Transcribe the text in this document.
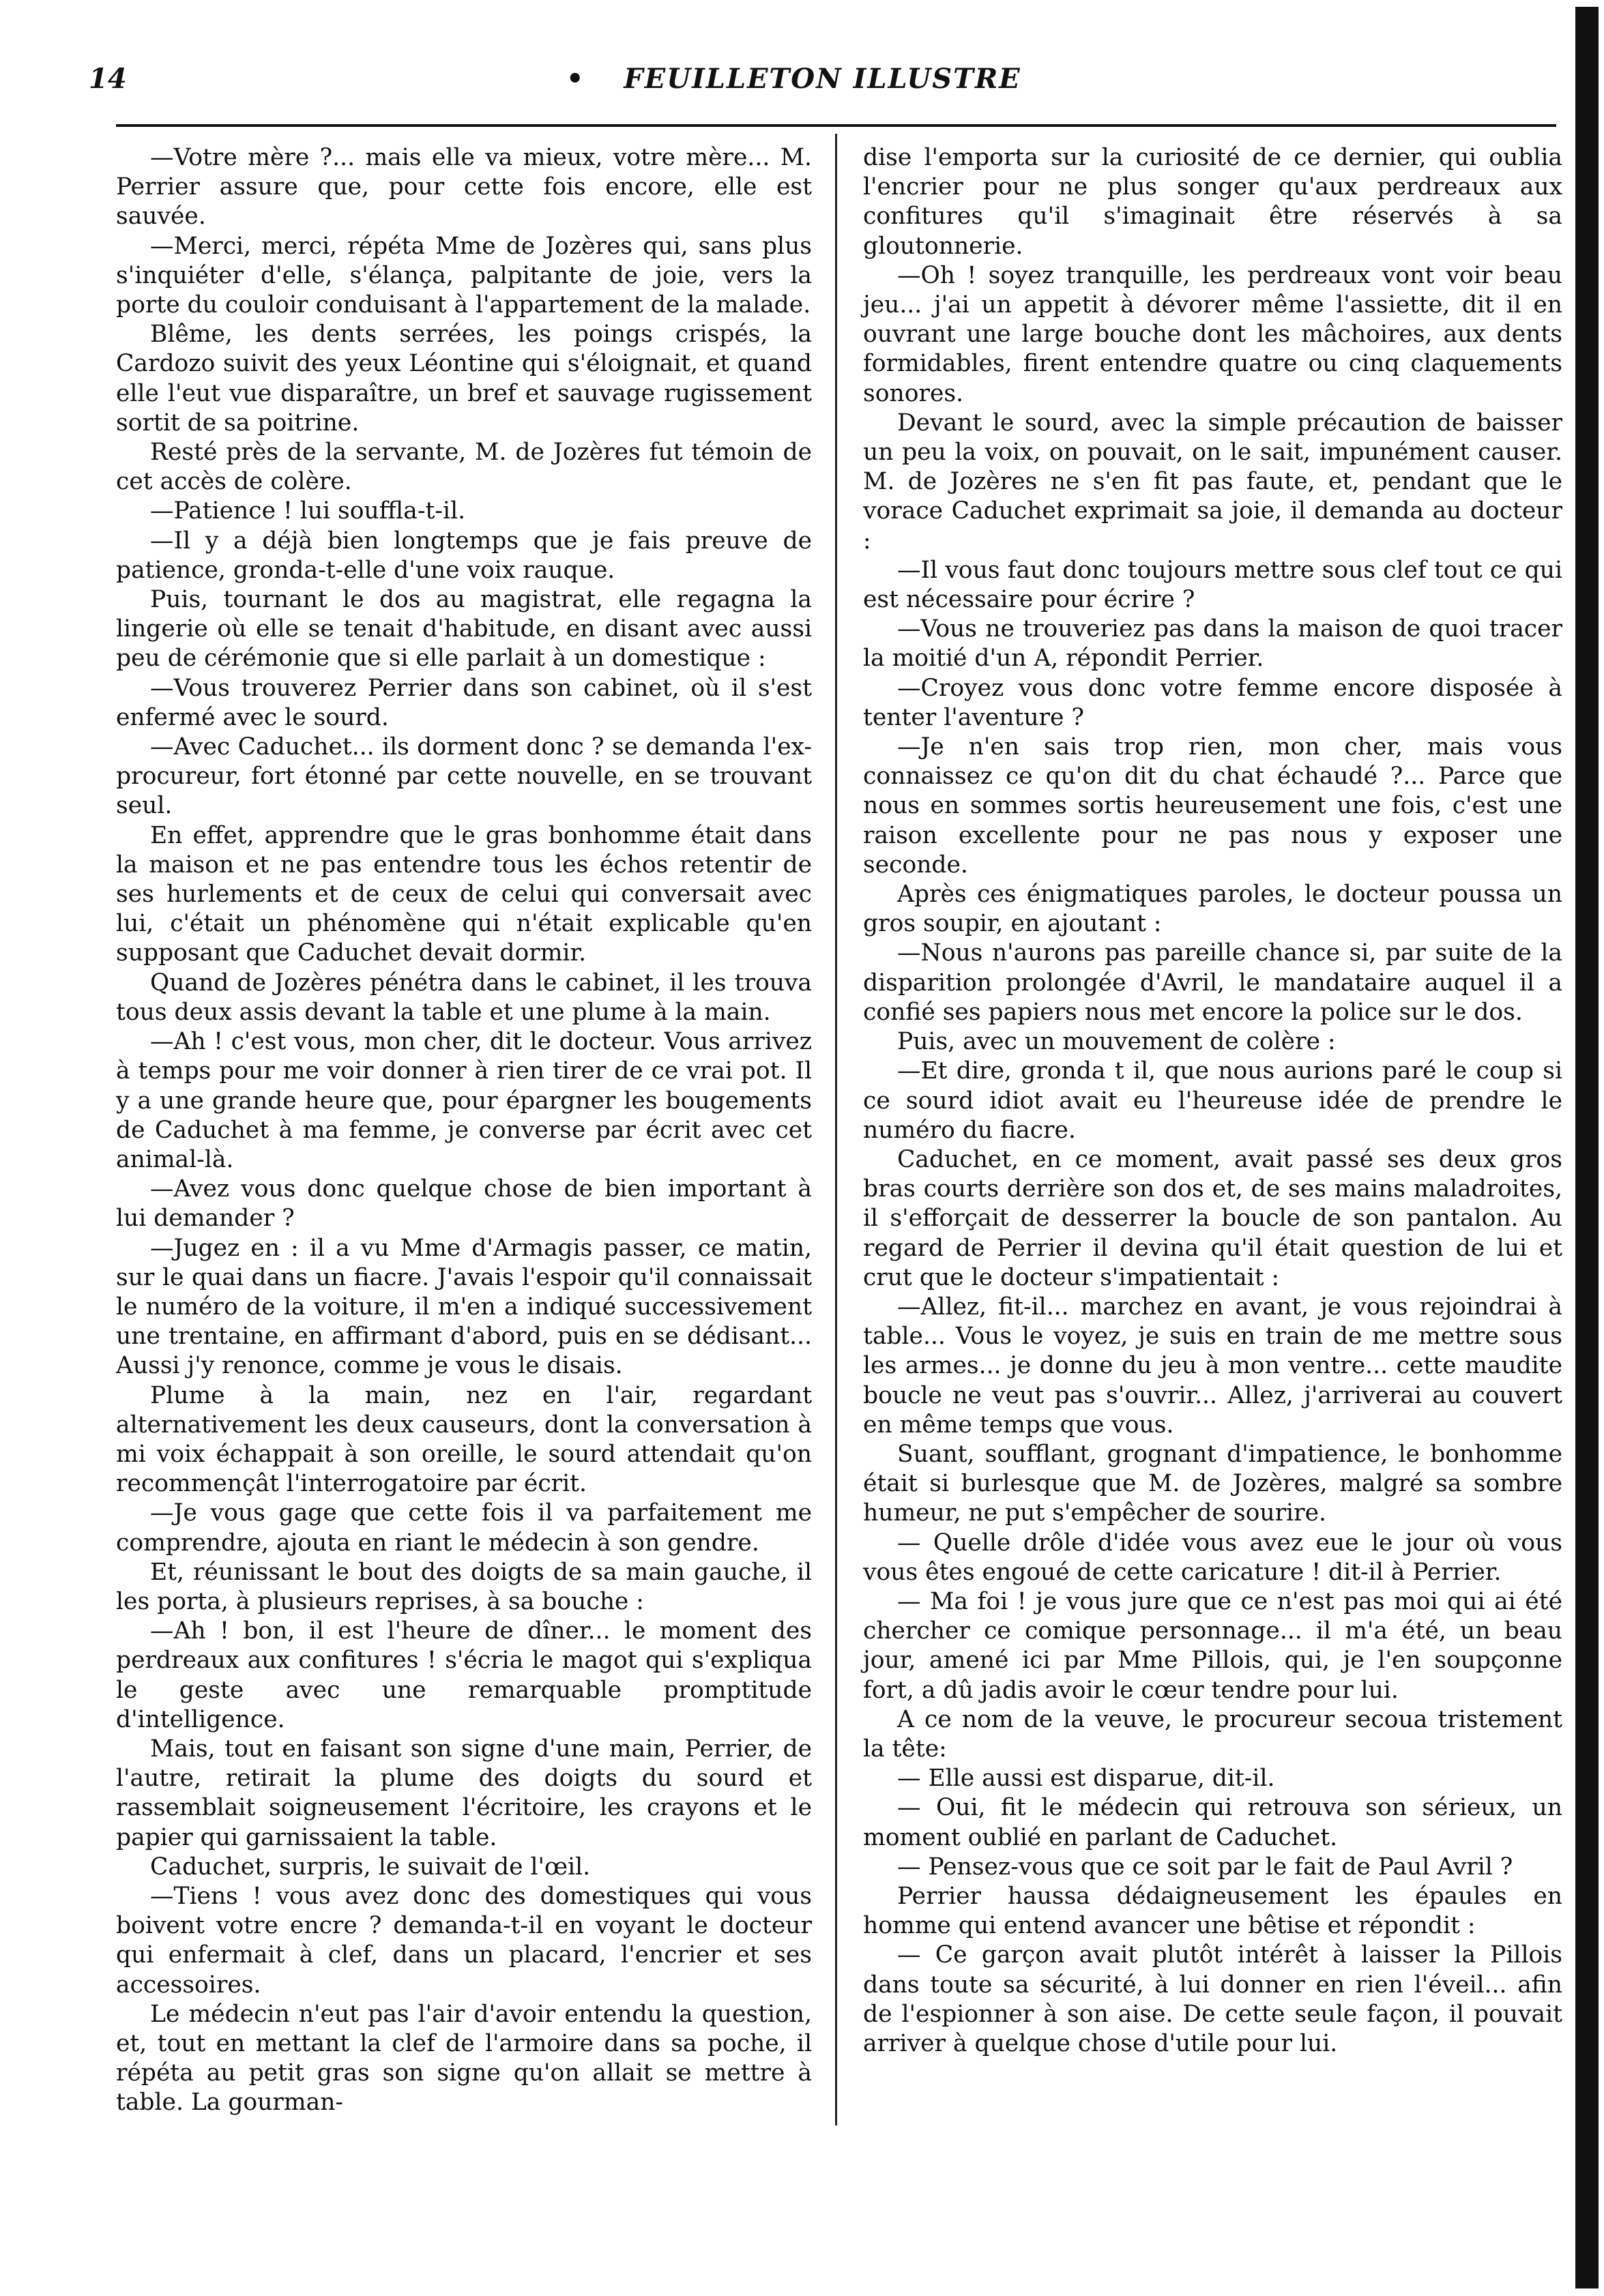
14	•	FEUILLETON ILLUSTRE

—Votre mère ?... mais elle va mieux, votre mère... M. Perrier assure que, pour cette fois encore, elle est sauvée.

—Merci, merci, répéta Mme de Jozères qui, sans plus s'inquiéter d'elle, s'élança, palpitante de joie, vers la porte du couloir conduisant à l'appartement de la malade.

Blême, les dents serrées, les poings crispés, la Cardozo suivit des yeux Léontine qui s'éloignait, et quand elle l'eut vue disparaître, un bref et sauvage rugissement sortit de sa poitrine.

Resté près de la servante, M. de Jozères fut témoin de cet accès de colère.

—Patience ! lui souffla-t-il.

—Il y a déjà bien longtemps que je fais preuve de patience, gronda-t-elle d'une voix rauque.

Puis, tournant le dos au magistrat, elle regagna la lingerie où elle se tenait d'habitude, en disant avec aussi peu de cérémonie que si elle parlait à un domestique :

—Vous trouverez Perrier dans son cabinet, où il s'est enfermé avec le sourd.

—Avec Caduchet... ils dorment donc ? se demanda l'ex-procureur, fort étonné par cette nouvelle, en se trouvant seul.

En effet, apprendre que le gras bonhomme était dans la maison et ne pas entendre tous les échos retentir de ses hurlements et de ceux de celui qui conversait avec lui, c'était un phénomène qui n'était explicable qu'en supposant que Caduchet devait dormir.

Quand de Jozères pénétra dans le cabinet, il les trouva tous deux assis devant la table et une plume à la main.

—Ah ! c'est vous, mon cher, dit le docteur. Vous arrivez à temps pour me voir donner à rien tirer de ce vrai pot. Il y a une grande heure que, pour épargner les bougements de Caduchet à ma femme, je converse par écrit avec cet animal-là.

—Avez vous donc quelque chose de bien important à lui demander ?

—Jugez en : il a vu Mme d'Armagis passer, ce matin, sur le quai dans un fiacre. J'avais l'espoir qu'il connaissait le numéro de la voiture, il m'en a indiqué successivement une trentaine, en affirmant d'abord, puis en se dédisant... Aussi j'y renonce, comme je vous le disais.

Plume à la main, nez en l'air, regardant alternativement les deux causeurs, dont la conversation à mi voix échappait à son oreille, le sourd attendait qu'on recommençât l'interrogatoire par écrit.

—Je vous gage que cette fois il va parfaitement me comprendre, ajouta en riant le médecin à son gendre.

Et, réunissant le bout des doigts de sa main gauche, il les porta, à plusieurs reprises, à sa bouche :

—Ah ! bon, il est l'heure de dîner... le moment des perdreaux aux confitures ! s'écria le magot qui s'expliqua le geste avec une remarquable promptitude d'intelligence.

Mais, tout en faisant son signe d'une main, Perrier, de l'autre, retirait la plume des doigts du sourd et rassemblait soigneusement l'écritoire, les crayons et le papier qui garnissaient la table.

Caduchet, surpris, le suivait de l'œil.

—Tiens ! vous avez donc des domestiques qui vous boivent votre encre ? demanda-t-il en voyant le docteur qui enfermait à clef, dans un placard, l'encrier et ses accessoires.

Le médecin n'eut pas l'air d'avoir entendu la question, et, tout en mettant la clef de l'armoire dans sa poche, il répéta au petit gras son signe qu'on allait se mettre à table. La gourman-

dise l'emporta sur la curiosité de ce dernier, qui oublia l'encrier pour ne plus songer qu'aux perdreaux aux confitures qu'il s'imaginait être réservés à sa gloutonnerie.

—Oh ! soyez tranquille, les perdreaux vont voir beau jeu... j'ai un appetit à dévorer même l'assiette, dit il en ouvrant une large bouche dont les mâchoires, aux dents formidables, firent entendre quatre ou cinq claquements sonores.

Devant le sourd, avec la simple précaution de baisser un peu la voix, on pouvait, on le sait, impunément causer. M. de Jozères ne s'en fit pas faute, et, pendant que le vorace Caduchet exprimait sa joie, il demanda au docteur :

—Il vous faut donc toujours mettre sous clef tout ce qui est nécessaire pour écrire ?

—Vous ne trouveriez pas dans la maison de quoi tracer la moitié d'un A, répondit Perrier.

—Croyez vous donc votre femme encore disposée à tenter l'aventure ?

—Je n'en sais trop rien, mon cher, mais vous connaissez ce qu'on dit du chat échaudé ?... Parce que nous en sommes sortis heureusement une fois, c'est une raison excellente pour ne pas nous y exposer une seconde.

Après ces énigmatiques paroles, le docteur poussa un gros soupir, en ajoutant :

—Nous n'aurons pas pareille chance si, par suite de la disparition prolongée d'Avril, le mandataire auquel il a confié ses papiers nous met encore la police sur le dos.

Puis, avec un mouvement de colère :

—Et dire, gronda t il, que nous aurions paré le coup si ce sourd idiot avait eu l'heureuse idée de prendre le numéro du fiacre.

Caduchet, en ce moment, avait passé ses deux gros bras courts derrière son dos et, de ses mains maladroites, il s'efforçait de desserrer la boucle de son pantalon. Au regard de Perrier il devina qu'il était question de lui et crut que le docteur s'impatientait :

—Allez, fit-il... marchez en avant, je vous rejoindrai à table... Vous le voyez, je suis en train de me mettre sous les armes... je donne du jeu à mon ventre... cette maudite boucle ne veut pas s'ouvrir... Allez, j'arriverai au couvert en même temps que vous.

Suant, soufflant, grognant d'impatience, le bonhomme était si burlesque que M. de Jozères, malgré sa sombre humeur, ne put s'empêcher de sourire.

— Quelle drôle d'idée vous avez eue le jour où vous vous êtes engoué de cette caricature ! dit-il à Perrier.

— Ma foi ! je vous jure que ce n'est pas moi qui ai été chercher ce comique personnage... il m'a été, un beau jour, amené ici par Mme Pillois, qui, je l'en soupçonne fort, a dû jadis avoir le cœur tendre pour lui.

A ce nom de la veuve, le procureur secoua tristement la tête:

— Elle aussi est disparue, dit-il.

— Oui, fit le médecin qui retrouva son sérieux, un moment oublié en parlant de Caduchet.

— Pensez-vous que ce soit par le fait de Paul Avril ?

Perrier haussa dédaigneusement les épaules en homme qui entend avancer une bêtise et répondit :

— Ce garçon avait plutôt intérêt à laisser la Pillois dans toute sa sécurité, à lui donner en rien l'éveil... afin de l'espionner à son aise. De cette seule façon, il pouvait arriver à quelque chose d'utile pour lui.
